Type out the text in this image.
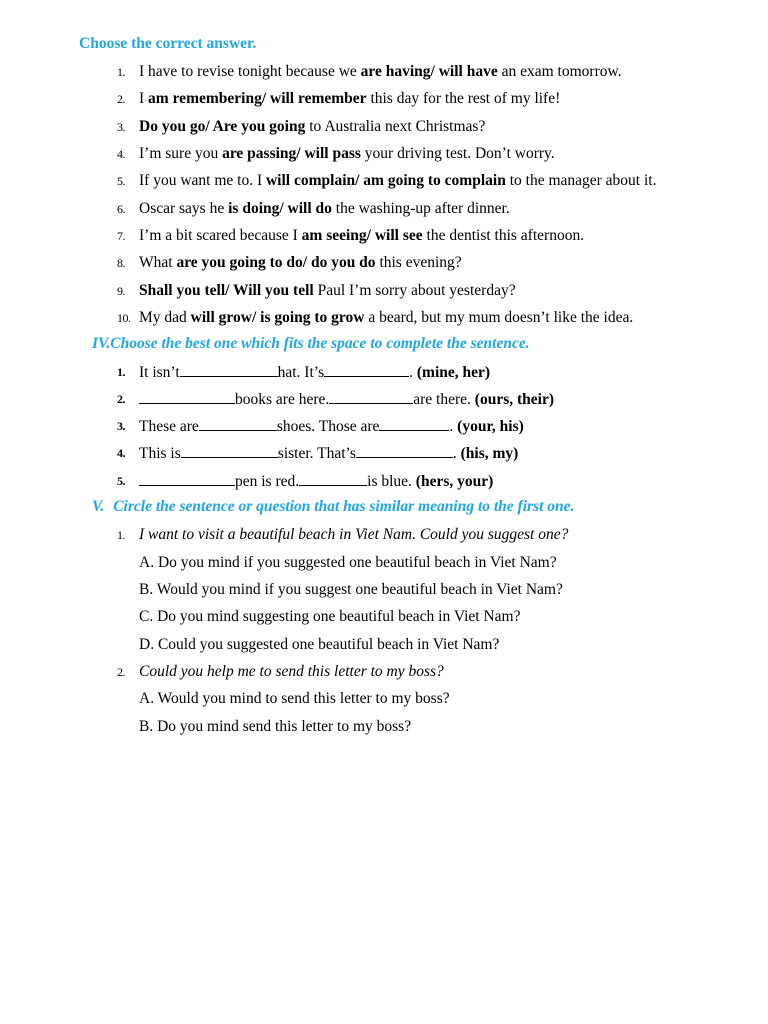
Choose the correct answer.
1. I have to revise tonight because we are having/ will have an exam tomorrow.
2. I am remembering/ will remember this day for the rest of my life!
3. Do you go/ Are you going to Australia next Christmas?
4. I’m sure you are passing/ will pass your driving test. Don’t worry.
5. If you want me to. I will complain/ am going to complain to the manager about it.
6. Oscar says he is doing/ will do the washing-up after dinner.
7. I’m a bit scared because I am seeing/ will see the dentist this afternoon.
8. What are you going to do/ do you do this evening?
9. Shall you tell/ Will you tell Paul I’m sorry about yesterday?
10. My dad will grow/ is going to grow a beard, but my mum doesn’t like the idea.
IV.Choose the best one which fits the space to complete the sentence.
1. It isn’t	hat. It’s	. (mine, her)
2.	books are here.	are there. (ours, their)
3. These are	shoes. Those are	. (your, his)
4. This is	sister. That’s	. (his, my)
5.	pen is red.	is blue. (hers, your)
V. Circle the sentence or question that has similar meaning to the first one.
1. I want to visit a beautiful beach in Viet Nam. Could you suggest one?
A. Do you mind if you suggested one beautiful beach in Viet Nam?
B. Would you mind if you suggest one beautiful beach in Viet Nam?
C. Do you mind suggesting one beautiful beach in Viet Nam?
D. Could you suggested one beautiful beach in Viet Nam?
2. Could you help me to send this letter to my boss?
A. Would you mind to send this letter to my boss?
B. Do you mind send this letter to my boss?
